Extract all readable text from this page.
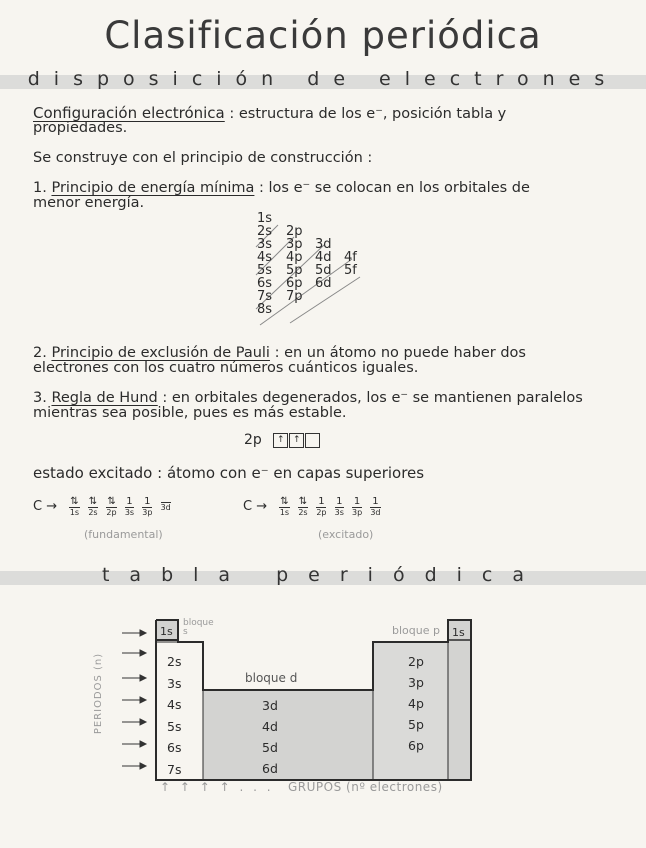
Clasificación periódica
disposición de electrones
Configuración electrónica : estructura de los e⁻, posición tabla y
propiedades.
Se construye con el principio de construcción :
1. Principio de energía mínima : los e⁻ se colocan en los orbitales de
menor energía.
1s
2s
3s
4s
5s
6s
7s
8s
2p
3p
4p
5p
6p
7p
3d
4d
5d
6d
4f
5f
2. Principio de exclusión de Pauli : en un átomo no puede haber dos
electrones con los cuatro números cuánticos iguales.
3. Regla de Hund : en orbitales degenerados, los e⁻ se mantienen paralelos
mientras sea posible, pues es más estable.
2p ↑ ↑
estado excitado : átomo con e⁻ en capas superiores
$C \to \frac{⇅}{1s}$
$\frac{⇅}{2s}$
$\frac{⇅}{2p}$
$\frac{1}{3s}$
$\frac{1}{3p}$
3d
(fundamental)
$C \to \frac{⇅}{1s}$
$\frac{⇅}{2s}$
$\frac{1}{2p}$
$\frac{1}{3s}$
$\frac{1}{3p}$
$\frac{1}{3d}$
(excitado)
tabla periódica
1s
bloque s	bloque p 1s
2s
3s
4s
5s
6s
7s
bloque d
3d
4d
5d
6d
2p
3p
4p
5p
6p
PERIODOS (n)
↑ ↑ ↑ ↑ . . . GRUPOS (nº electrones)
